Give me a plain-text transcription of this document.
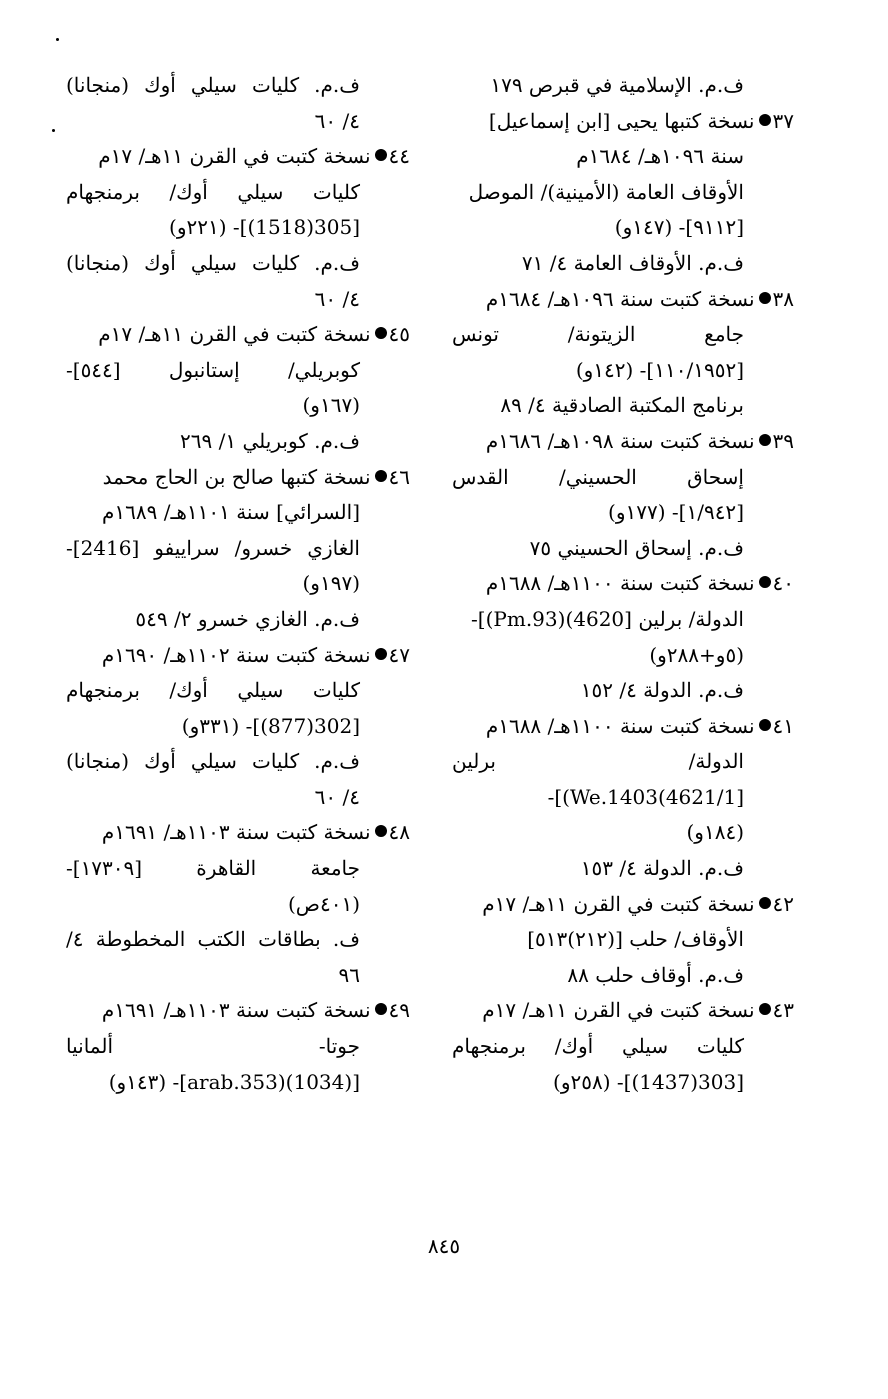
ف.م. الإسلامية في قبرص ١٧٩
٣٧
نسخة كتبها يحيى [ابن إسماعيل]
سنة ١٠٩٦هـ/ ١٦٨٤م
الأوقاف العامة (الأمينية)/ الموصل
[٩١١٢]- (١٤٧و)
ف.م. الأوقاف العامة ٤/ ٧١
٣٨
نسخة كتبت سنة ١٠٩٦هـ/ ١٦٨٤م
جامع الزيتونة/ تونس
[١١٠/١٩٥٢]- (١٤٢و)
برنامج المكتبة الصادقية ٤/ ٨٩
٣٩
نسخة كتبت سنة ١٠٩٨هـ/ ١٦٨٦م
إسحاق الحسيني/ القدس
[١/٩٤٢]- (١٧٧و)
ف.م. إسحاق الحسيني ٧٥
٤٠
نسخة كتبت سنة ١١٠٠هـ/ ١٦٨٨م
الدولة/ برلين [4620)(Pm.93)]-
(٥و+٢٨٨و)
ف.م. الدولة ٤/ ١٥٢
٤١
نسخة كتبت سنة ١١٠٠هـ/ ١٦٨٨م
الدولة/ برلين
[4621/1)We.1403)]-
(١٨٤و)
ف.م. الدولة ٤/ ١٥٣
٤٢
نسخة كتبت في القرن ١١هـ/ ١٧م
الأوقاف/ حلب [(٢١٢)٥١٣]
ف.م. أوقاف حلب ٨٨
٤٣
نسخة كتبت في القرن ١١هـ/ ١٧م
كليات سيلي أوك/ برمنجهام
[303(1437)]- (٢٥٨و)
ف.م. كليات سيلي أوك (منجانا)
٤/ ٦٠
٤٤
نسخة كتبت في القرن ١١هـ/ ١٧م
كليات سيلي أوك/ برمنجهام
[305(1518)]- (٢٢١و)
ف.م. كليات سيلي أوك (منجانا)
٤/ ٦٠
٤٥
نسخة كتبت في القرن ١١هـ/ ١٧م
كوبريلي/ إستانبول [٥٤٤]-
(١٦٧و)
ف.م. كوبريلي ١/ ٢٦٩
٤٦
نسخة كتبها صالح بن الحاج محمد
[السرائي] سنة ١١٠١هـ/ ١٦٨٩م
الغازي خسرو/ سراييفو [2416]-
(١٩٧و)
ف.م. الغازي خسرو ٢/ ٥٤٩
٤٧
نسخة كتبت سنة ١١٠٢هـ/ ١٦٩٠م
كليات سيلي أوك/ برمنجهام
[302(877)]- (٣٣١و)
ف.م. كليات سيلي أوك (منجانا)
٤/ ٦٠
٤٨
نسخة كتبت سنة ١١٠٣هـ/ ١٦٩١م
جامعة القاهرة [١٧٣٠٩]-
(٤٠١ص)
ف. بطاقات الكتب المخطوطة ٤/
٩٦
٤٩
نسخة كتبت سنة ١١٠٣هـ/ ١٦٩١م
جوتا- ألمانيا
[arab.353)(1034)]- (١٤٣و)
٨٤٥
